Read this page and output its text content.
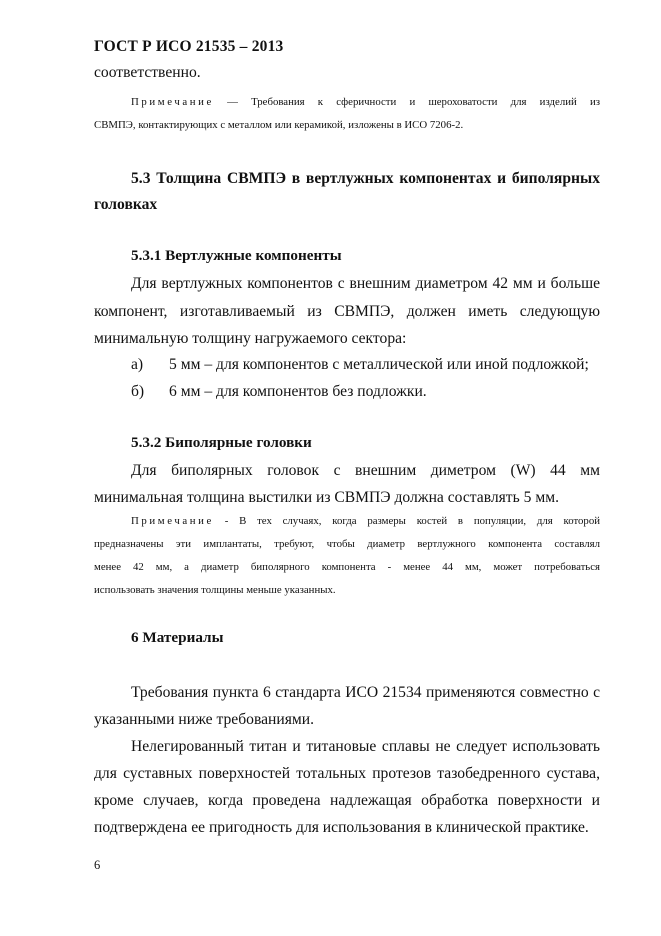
ГОСТ Р ИСО 21535 – 2013
соответственно.
Примечание — Требования к сферичности и шероховатости для изделий из
СВМПЭ, контактирующих с металлом или керамикой, изложены в ИСО 7206-2.
5.3 Толщина СВМПЭ в вертлужных компонентах и биполярных
головках
5.3.1 Вертлужные компоненты
Для вертлужных компонентов с внешним диаметром 42 мм и больше
компонент, изготавливаемый из СВМПЭ, должен иметь следующую
минимальную толщину нагружаемого сектора:
а) 5 мм – для компонентов с металлической или иной подложкой;
б) 6 мм – для компонентов без подложки.
5.3.2 Биполярные головки
Для биполярных головок с внешним диметром (W) 44 мм
минимальная толщина выстилки из СВМПЭ должна составлять 5 мм.
Примечание - В тех случаях, когда размеры костей в популяции, для которой
предназначены эти имплантаты, требуют, чтобы диаметр вертлужного компонента составлял
менее 42 мм, а диаметр биполярного компонента - менее 44 мм, может потребоваться
использовать значения толщины меньше указанных.
6 Материалы
Требования пункта 6 стандарта ИСО 21534 применяются совместно с
указанными ниже требованиями.
Нелегированный титан и титановые сплавы не следует использовать
для суставных поверхностей тотальных протезов тазобедренного сустава,
кроме случаев, когда проведена надлежащая обработка поверхности и
подтверждена ее пригодность для использования в клинической практике.
6
